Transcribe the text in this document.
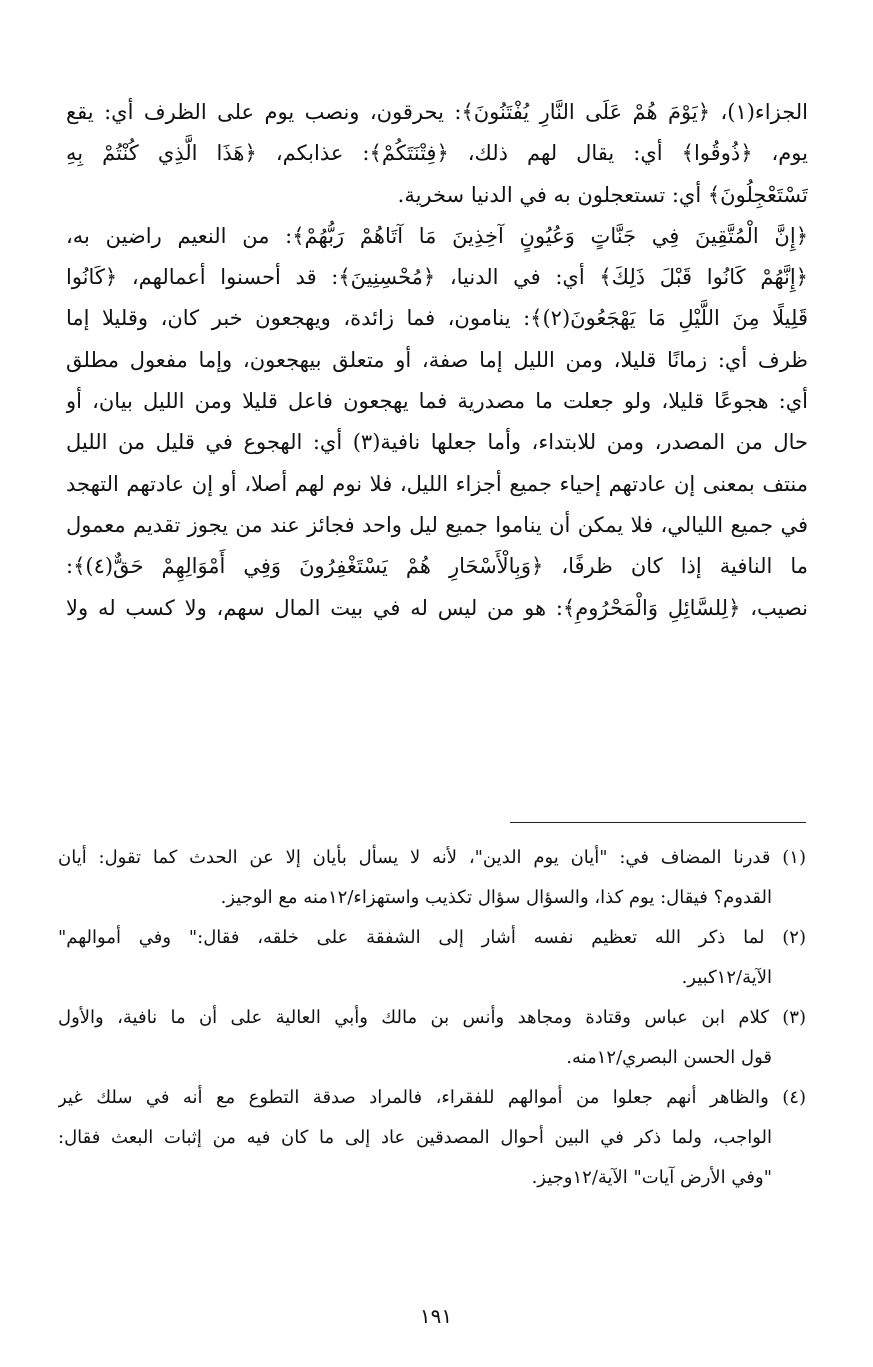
الجزاء(١)، ﴿يَوْمَ هُمْ عَلَى النَّارِ يُفْتَنُونَ﴾: يحرقون، ونصب يوم على الظرف أي: يقع
يوم، ﴿ذُوقُوا﴾ أي: يقال لهم ذلك، ﴿فِتْنَتَكُمْ﴾: عذابكم، ﴿هَذَا الَّذِي كُنْتُمْ بِهِ
تَسْتَعْجِلُونَ﴾ أي: تستعجلون به في الدنيا سخرية.
﴿إِنَّ الْمُتَّقِينَ فِي جَنَّاتٍ وَعُيُونٍ آخِذِينَ مَا آتَاهُمْ رَبُّهُمْ﴾: من النعيم راضين به،
﴿إِنَّهُمْ كَانُوا قَبْلَ ذَلِكَ﴾ أي: في الدنيا، ﴿مُحْسِنِينَ﴾: قد أحسنوا أعمالهم، ﴿كَانُوا
قَلِيلًا مِنَ اللَّيْلِ مَا يَهْجَعُونَ(٢)﴾: ينامون، فما زائدة، ويهجعون خبر كان، وقليلا إما
ظرف أي: زمانًا قليلا، ومن الليل إما صفة، أو متعلق بيهجعون، وإما مفعول مطلق
أي: هجوعًا قليلا، ولو جعلت ما مصدرية فما يهجعون فاعل قليلا ومن الليل بيان، أو
حال من المصدر، ومن للابتداء، وأما جعلها نافية(٣) أي: الهجوع في قليل من الليل
منتف بمعنى إن عادتهم إحياء جميع أجزاء الليل، فلا نوم لهم أصلا، أو إن عادتهم التهجد
في جميع الليالي، فلا يمكن أن يناموا جميع ليل واحد فجائز عند من يجوز تقديم معمول
ما النافية إذا كان ظرفًا، ﴿وَبِالْأَسْحَارِ هُمْ يَسْتَغْفِرُونَ وَفِي أَمْوَالِهِمْ حَقٌّ(٤)﴾:
نصيب، ﴿لِلسَّائِلِ وَالْمَحْرُومِ﴾: هو من ليس له في بيت المال سهم، ولا كسب له ولا
(١) قدرنا المضاف في: "أيان يوم الدين"، لأنه لا يسأل بأيان إلا عن الحدث كما تقول: أيان
القدوم؟ فيقال: يوم كذا، والسؤال سؤال تكذيب واستهزاء/١٢منه مع الوجيز.
(٢) لما ذكر الله تعظيم نفسه أشار إلى الشفقة على خلقه، فقال:" وفي أموالهم"
الآية/١٢كبير.
(٣) كلام ابن عباس وقتادة ومجاهد وأنس بن مالك وأبي العالية على أن ما نافية، والأول
قول الحسن البصري/١٢منه.
(٤) والظاهر أنهم جعلوا من أموالهم للفقراء، فالمراد صدقة التطوع مع أنه في سلك غير
الواجب، ولما ذكر في البين أحوال المصدقين عاد إلى ما كان فيه من إثبات البعث فقال:
"وفي الأرض آيات" الآية/١٢وجيز.
١٩١
